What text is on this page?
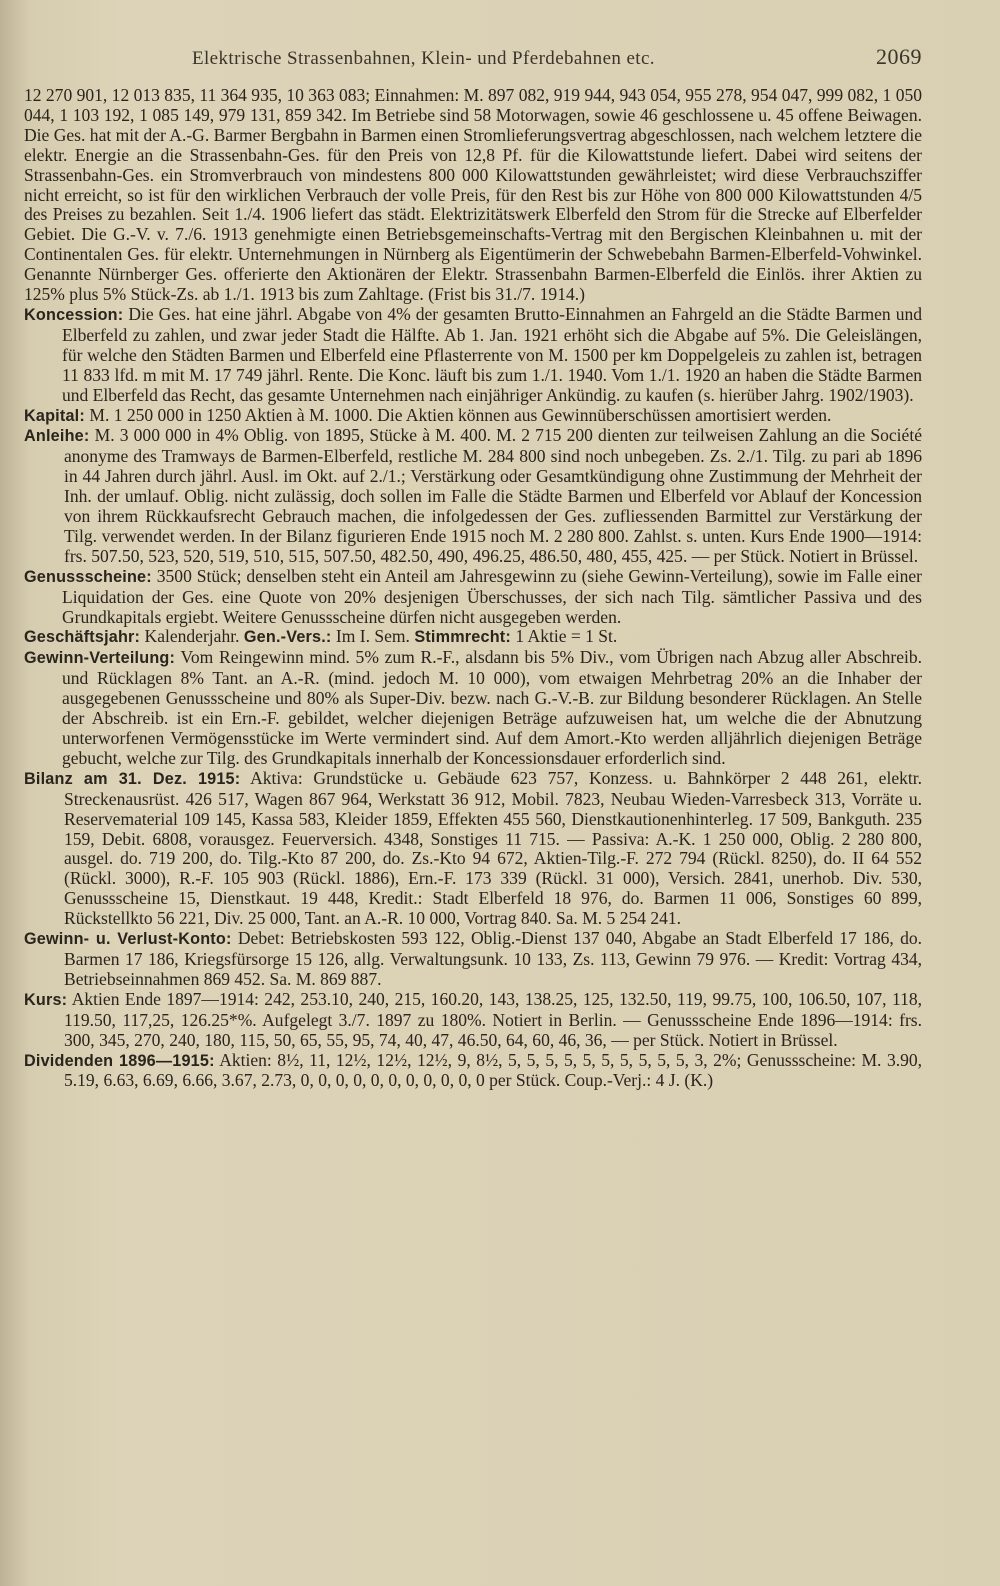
Elektrische Strassenbahnen, Klein- und Pferdebahnen etc.	2069

12 270 901, 12 013 835, 11 364 935, 10 363 083; Einnahmen: M. 897 082, 919 944, 943 054, 955 278, 954 047, 999 082, 1 050 044, 1 103 192, 1 085 149, 979 131, 859 342. Im Betriebe sind 58 Motorwagen, sowie 46 geschlossene u. 45 offene Beiwagen. Die Ges. hat mit der A.-G. Barmer Bergbahn in Barmen einen Stromlieferungsvertrag abgeschlossen, nach welchem letztere die elektr. Energie an die Strassenbahn-Ges. für den Preis von 12,8 Pf. für die Kilowattstunde liefert. Dabei wird seitens der Strassenbahn-Ges. ein Stromverbrauch von mindestens 800 000 Kilowattstunden gewährleistet; wird diese Verbrauchsziffer nicht erreicht, so ist für den wirklichen Verbrauch der volle Preis, für den Rest bis zur Höhe von 800 000 Kilowattstunden 4/5 des Preises zu bezahlen. Seit 1./4. 1906 liefert das städt. Elektrizitätswerk Elberfeld den Strom für die Strecke auf Elberfelder Gebiet. Die G.-V. v. 7./6. 1913 genehmigte einen Betriebsgemeinschafts-Vertrag mit den Bergischen Kleinbahnen u. mit der Continentalen Ges. für elektr. Unternehmungen in Nürnberg als Eigentümerin der Schwebebahn Barmen-Elberfeld-Vohwinkel. Genannte Nürnberger Ges. offerierte den Aktionären der Elektr. Strassenbahn Barmen-Elberfeld die Einlös. ihrer Aktien zu 125% plus 5% Stück-Zs. ab 1./1. 1913 bis zum Zahltage. (Frist bis 31./7. 1914.)

Koncession: Die Ges. hat eine jährl. Abgabe von 4% der gesamten Brutto-Einnahmen an Fahrgeld an die Städte Barmen und Elberfeld zu zahlen, und zwar jeder Stadt die Hälfte. Ab 1. Jan. 1921 erhöht sich die Abgabe auf 5%. Die Geleislängen, für welche den Städten Barmen und Elberfeld eine Pflasterrente von M. 1500 per km Doppelgeleis zu zahlen ist, betragen 11 833 lfd. m mit M. 17 749 jährl. Rente. Die Konc. läuft bis zum 1./1. 1940. Vom 1./1. 1920 an haben die Städte Barmen und Elberfeld das Recht, das gesamte Unternehmen nach einjähriger Ankündig. zu kaufen (s. hierüber Jahrg. 1902/1903).

Kapital: M. 1 250 000 in 1250 Aktien à M. 1000. Die Aktien können aus Gewinnüberschüssen amortisiert werden.

Anleihe: M. 3 000 000 in 4% Oblig. von 1895, Stücke à M. 400. M. 2 715 200 dienten zur teilweisen Zahlung an die Société anonyme des Tramways de Barmen-Elberfeld, restliche M. 284 800 sind noch unbegeben. Zs. 2./1. Tilg. zu pari ab 1896 in 44 Jahren durch jährl. Ausl. im Okt. auf 2./1.; Verstärkung oder Gesamtkündigung ohne Zustimmung der Mehrheit der Inh. der umlauf. Oblig. nicht zulässig, doch sollen im Falle die Städte Barmen und Elberfeld vor Ablauf der Koncession von ihrem Rückkaufsrecht Gebrauch machen, die infolgedessen der Ges. zufliessenden Barmittel zur Verstärkung der Tilg. verwendet werden. In der Bilanz figurieren Ende 1915 noch M. 2 280 800. Zahlst. s. unten. Kurs Ende 1900—1914: frs. 507.50, 523, 520, 519, 510, 515, 507.50, 482.50, 490, 496.25, 486.50, 480, 455, 425. — per Stück. Notiert in Brüssel.

Genussscheine: 3500 Stück; denselben steht ein Anteil am Jahresgewinn zu (siehe Gewinn-Verteilung), sowie im Falle einer Liquidation der Ges. eine Quote von 20% desjenigen Überschusses, der sich nach Tilg. sämtlicher Passiva und des Grundkapitals ergiebt. Weitere Genussscheine dürfen nicht ausgegeben werden.

Geschäftsjahr: Kalenderjahr. Gen.-Vers.: Im I. Sem. Stimmrecht: 1 Aktie = 1 St.

Gewinn-Verteilung: Vom Reingewinn mind. 5% zum R.-F., alsdann bis 5% Div., vom Übrigen nach Abzug aller Abschreib. und Rücklagen 8% Tant. an A.-R. (mind. jedoch M. 10 000), vom etwaigen Mehrbetrag 20% an die Inhaber der ausgegebenen Genussscheine und 80% als Super-Div. bezw. nach G.-V.-B. zur Bildung besonderer Rücklagen. An Stelle der Abschreib. ist ein Ern.-F. gebildet, welcher diejenigen Beträge aufzuweisen hat, um welche die der Abnutzung unterworfenen Vermögensstücke im Werte vermindert sind. Auf dem Amort.-Kto werden alljährlich diejenigen Beträge gebucht, welche zur Tilg. des Grundkapitals innerhalb der Koncessionsdauer erforderlich sind.

Bilanz am 31. Dez. 1915: Aktiva: Grundstücke u. Gebäude 623 757, Konzess. u. Bahnkörper 2 448 261, elektr. Streckenausrüst. 426 517, Wagen 867 964, Werkstatt 36 912, Mobil. 7823, Neubau Wieden-Varresbeck 313, Vorräte u. Reservematerial 109 145, Kassa 583, Kleider 1859, Effekten 455 560, Dienstkautionenhinterleg. 17 509, Bankguth. 235 159, Debit. 6808, vorausgez. Feuerversich. 4348, Sonstiges 11 715. — Passiva: A.-K. 1 250 000, Oblig. 2 280 800, ausgel. do. 719 200, do. Tilg.-Kto 87 200, do. Zs.-Kto 94 672, Aktien-Tilg.-F. 272 794 (Rückl. 8250), do. II 64 552 (Rückl. 3000), R.-F. 105 903 (Rückl. 1886), Ern.-F. 173 339 (Rückl. 31 000), Versich. 2841, unerhob. Div. 530, Genussscheine 15, Dienstkaut. 19 448, Kredit.: Stadt Elberfeld 18 976, do. Barmen 11 006, Sonstiges 60 899, Rückstellkto 56 221, Div. 25 000, Tant. an A.-R. 10 000, Vortrag 840. Sa. M. 5 254 241.

Gewinn- u. Verlust-Konto: Debet: Betriebskosten 593 122, Oblig.-Dienst 137 040, Abgabe an Stadt Elberfeld 17 186, do. Barmen 17 186, Kriegsfürsorge 15 126, allg. Verwaltungsunk. 10 133, Zs. 113, Gewinn 79 976. — Kredit: Vortrag 434, Betriebseinnahmen 869 452. Sa. M. 869 887.

Kurs: Aktien Ende 1897—1914: 242, 253.10, 240, 215, 160.20, 143, 138.25, 125, 132.50, 119, 99.75, 100, 106.50, 107, 118, 119.50, 117,25, 126.25*%. Aufgelegt 3./7. 1897 zu 180%. Notiert in Berlin. — Genussscheine Ende 1896—1914: frs. 300, 345, 270, 240, 180, 115, 50, 65, 55, 95, 74, 40, 47, 46.50, 64, 60, 46, 36, — per Stück. Notiert in Brüssel.

Dividenden 1896—1915: Aktien: 8½, 11, 12½, 12½, 12½, 9, 8½, 5, 5, 5, 5, 5, 5, 5, 5, 5, 5, 3, 2%; Genussscheine: M. 3.90, 5.19, 6.63, 6.69, 6.66, 3.67, 2.73, 0, 0, 0, 0, 0, 0, 0, 0, 0, 0, 0 per Stück. Coup.-Verj.: 4 J. (K.)
